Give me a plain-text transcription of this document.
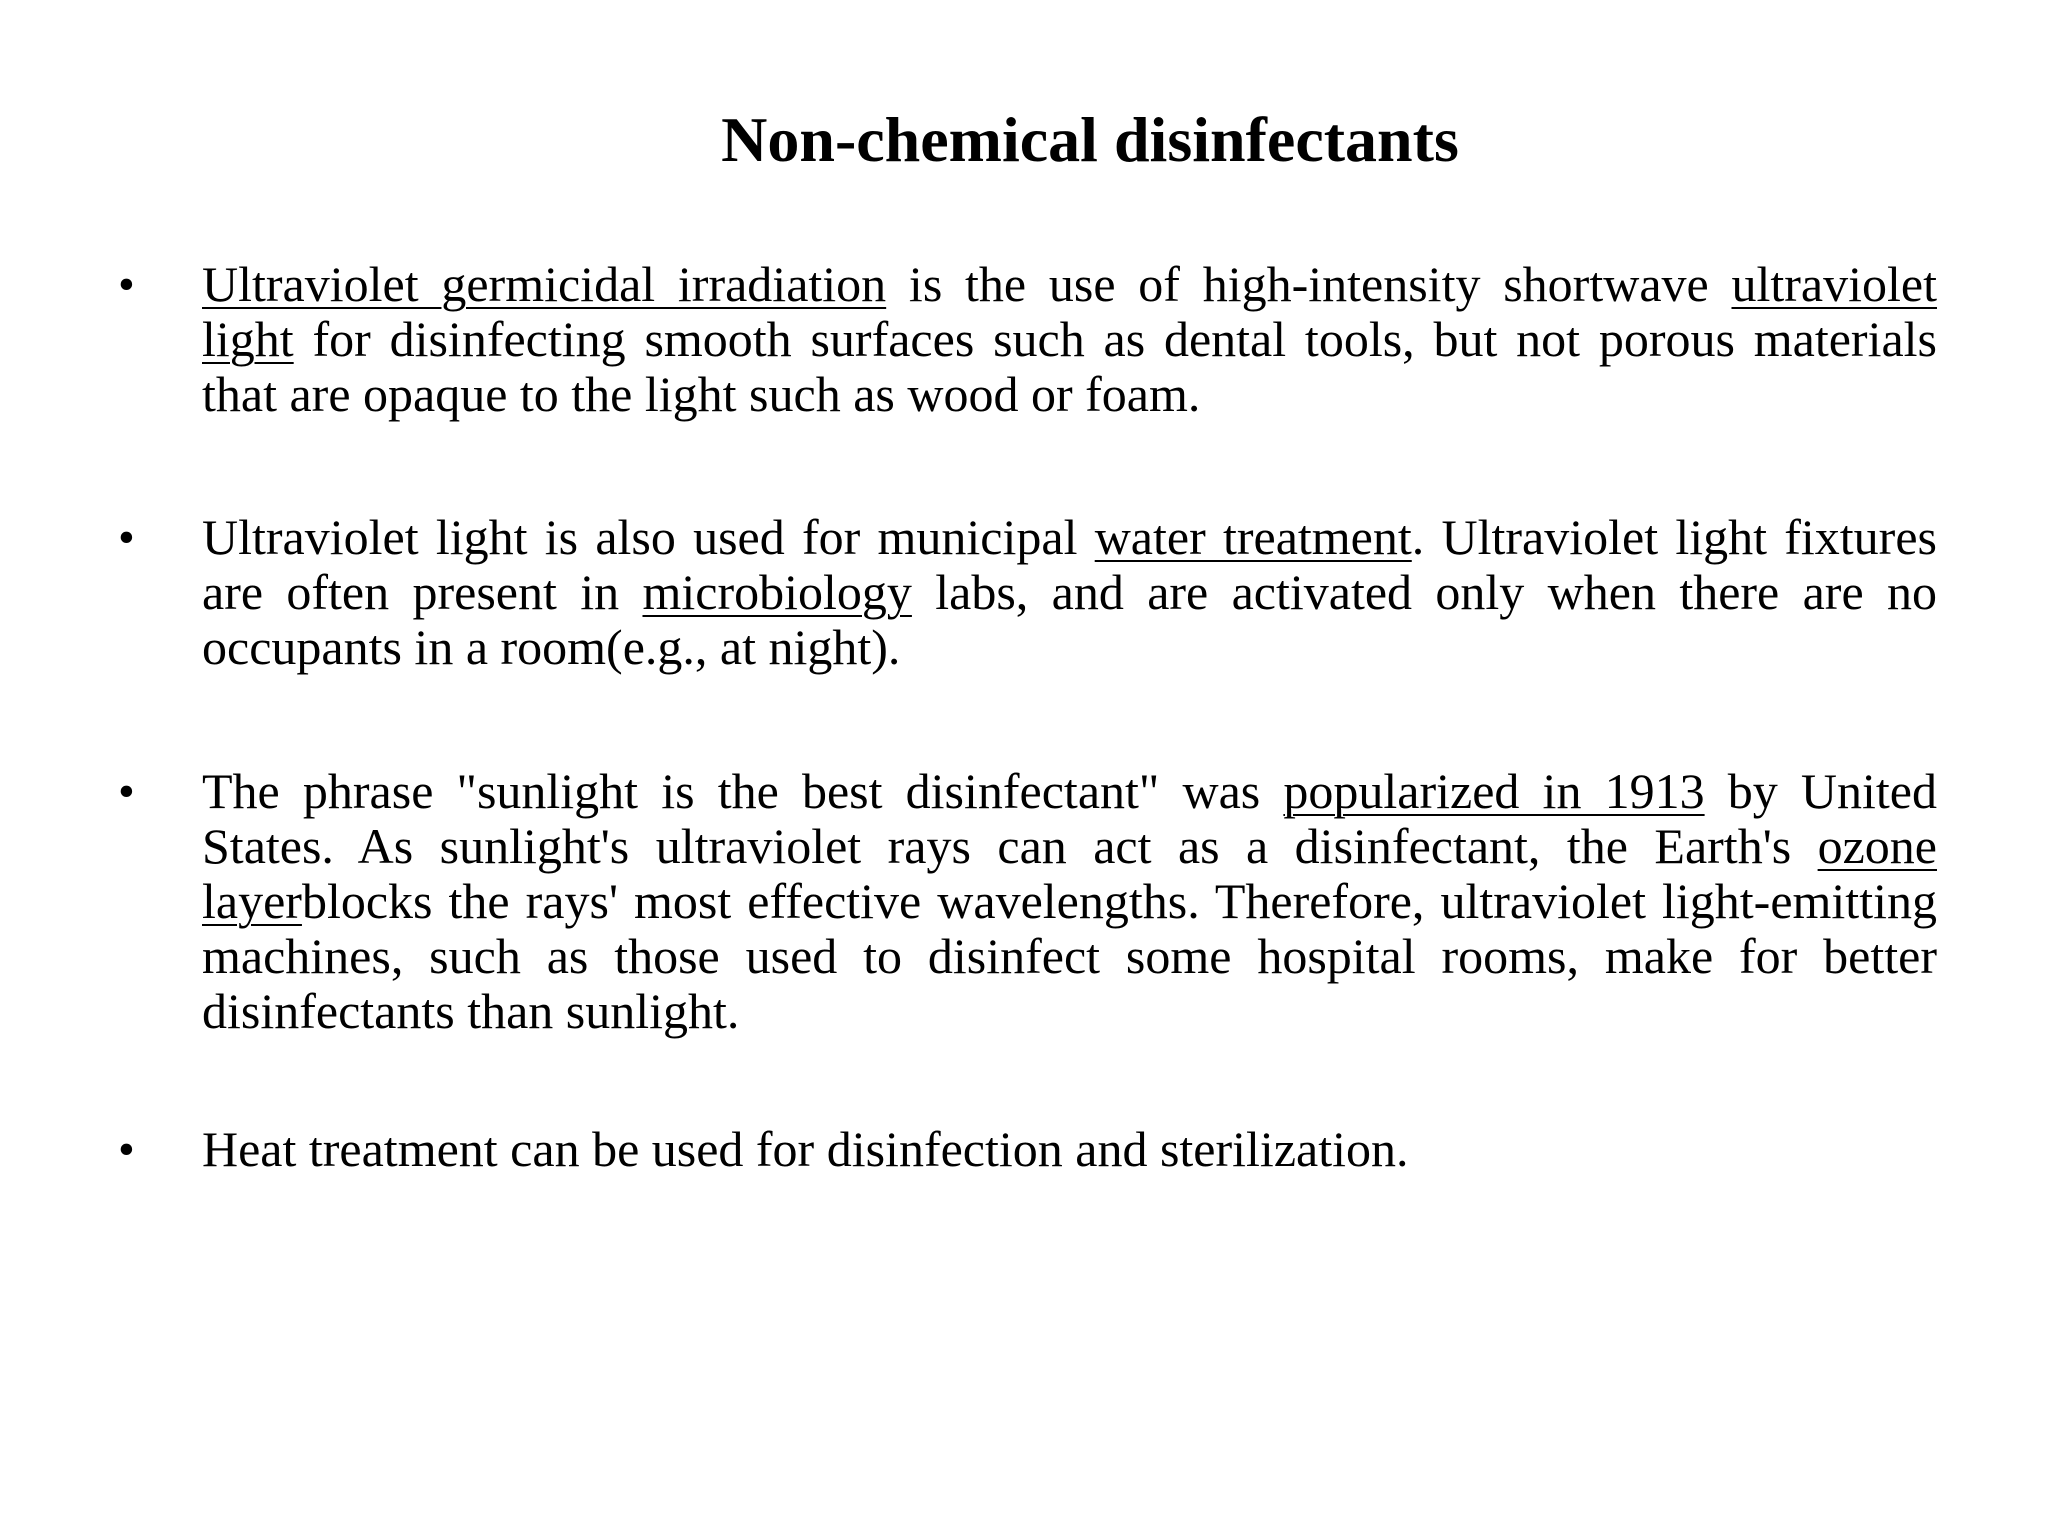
Non-chemical disinfectants
•	Ultraviolet germicidal irradiation is the use of high-intensity shortwave ultraviolet light for disinfecting smooth surfaces such as dental tools, but not porous materials that are opaque to the light such as wood or foam.
•	Ultraviolet light is also used for municipal water treatment. Ultraviolet light fixtures are often present in microbiology labs, and are activated only when there are no occupants in a room(e.g., at night).
•	The phrase "sunlight is the best disinfectant" was popularized in 1913 by United States. As sunlight's ultraviolet rays can act as a disinfectant, the Earth's ozone layerblocks the rays' most effective wavelengths. Therefore, ultraviolet light-emitting machines, such as those used to disinfect some hospital rooms, make for better disinfectants than sunlight.
•	Heat treatment can be used for disinfection and sterilization.
